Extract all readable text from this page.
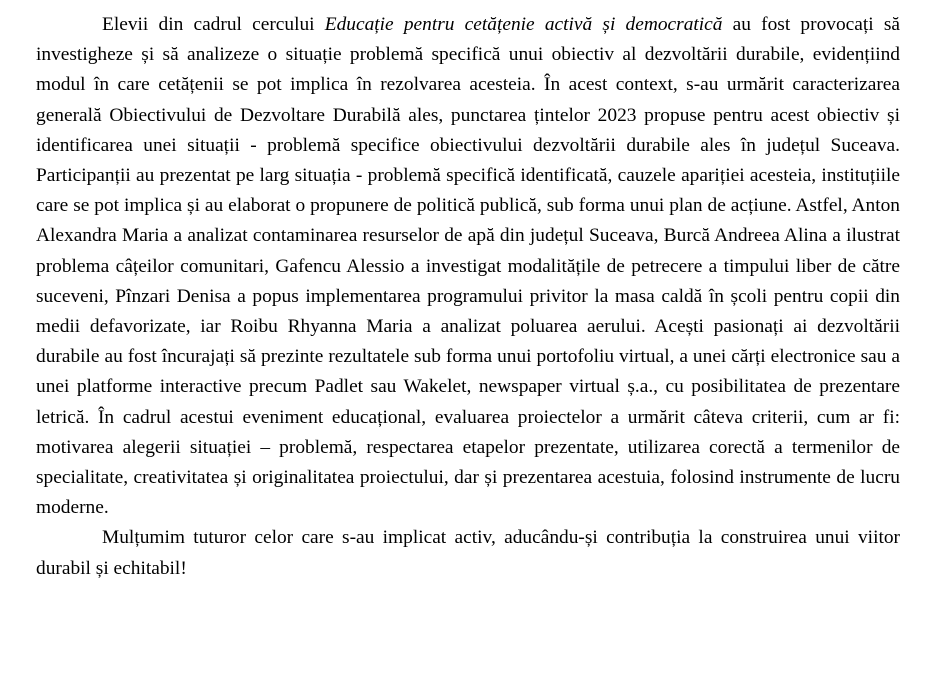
Elevii din cadrul cercului Educație pentru cetățenie activă și democratică au fost provocați să investigheze și să analizeze o situație problemă specifică unui obiectiv al dezvoltării durabile, evidențiind modul în care cetățenii se pot implica în rezolvarea acesteia. În acest context, s-au urmărit caracterizarea generală Obiectivului de Dezvoltare Durabilă ales, punctarea țintelor 2023 propuse pentru acest obiectiv și identificarea unei situații - problemă specifice obiectivului dezvoltării durabile ales în județul Suceava. Participanții au prezentat pe larg situația - problemă specifică identificată, cauzele apariției acesteia, instituțiile care se pot implica și au elaborat o propunere de politică publică, sub forma unui plan de acțiune. Astfel, Anton Alexandra Maria a analizat contaminarea resurselor de apă din județul Suceava, Burcă Andreea Alina a ilustrat problema câțeilor comunitari, Gafencu Alessio a investigat modalitățile de petrecere a timpului liber de către suceveni, Pînzari Denisa a popus implementarea programului privitor la masa caldă în școli pentru copii din medii defavorizate, iar Roibu Rhyanna Maria a analizat poluarea aerului. Acești pasionați ai dezvoltării durabile au fost încurajați să prezinte rezultatele sub forma unui portofoliu virtual, a unei cărți electronice sau a unei platforme interactive precum Padlet sau Wakelet, newspaper virtual ș.a., cu posibilitatea de prezentare letrică. În cadrul acestui eveniment educațional, evaluarea proiectelor a urmărit câteva criterii, cum ar fi: motivarea alegerii situației – problemă, respectarea etapelor prezentate, utilizarea corectă a termenilor de specialitate, creativitatea și originalitatea proiectului, dar și prezentarea acestuia, folosind instrumente de lucru moderne.

Mulțumim tuturor celor care s-au implicat activ, aducându-și contribuția la construirea unui viitor durabil și echitabil!
